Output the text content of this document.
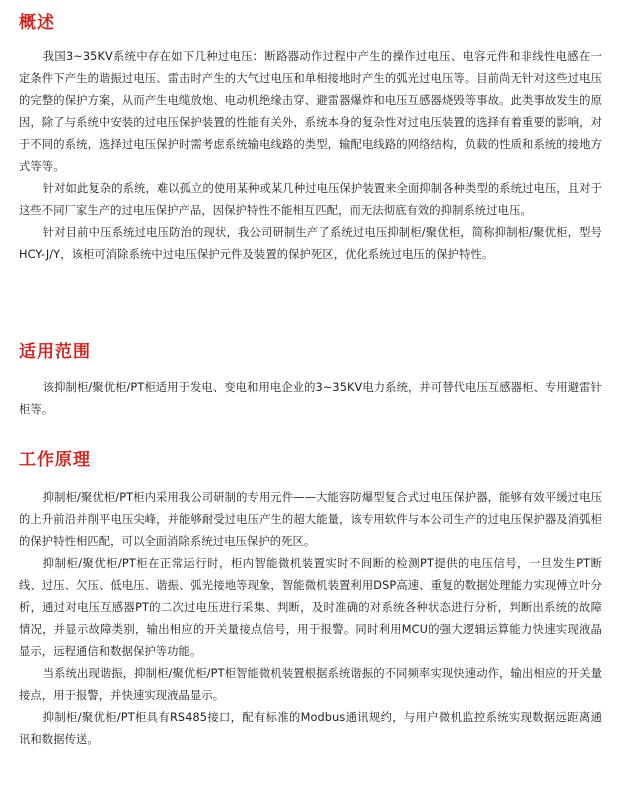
概述

我国3~35KV系统中存在如下几种过电压：断路器动作过程中产生的操作过电压、电容元件和非线性电感在一定条件下产生的谐振过电压、雷击时产生的大气过电压和单相接地时产生的弧光过电压等。目前尚无针对这些过电压的完整的保护方案，从而产生电缆放炮、电动机绝缘击穿、避雷器爆炸和电压互感器烧毁等事故。此类事故发生的原因，除了与系统中安装的过电压保护装置的性能有关外，系统本身的复杂性对过电压装置的选择有着重要的影响，对于不同的系统，选择过电压保护时需考虑系统输电线路的类型，输配电线路的网络结构，负载的性质和系统的接地方式等等。

针对如此复杂的系统，难以孤立的使用某种或某几种过电压保护装置来全面抑制各种类型的系统过电压，且对于这些不同厂家生产的过电压保护产品，因保护特性不能相互匹配，而无法彻底有效的抑制系统过电压。

针对目前中压系统过电压防治的现状，我公司研制生产了系统过电压抑制柜/聚优柜，简称抑制柜/聚优柜，型号HCY-J/Y，该柜可消除系统中过电压保护元件及装置的保护死区，优化系统过电压的保护特性。

适用范围

该抑制柜/聚优柜/PT柜适用于发电、变电和用电企业的3~35KV电力系统，并可替代电压互感器柜、专用避雷针柜等。

工作原理

抑制柜/聚优柜/PT柜内采用我公司研制的专用元件——大能容防爆型复合式过电压保护器，能够有效平缓过电压的上升前沿并削平电压尖峰，并能够耐受过电压产生的超大能量，该专用软件与本公司生产的过电压保护器及消弧柜的保护特性相匹配，可以全面消除系统过电压保护的死区。

抑制柜/聚优柜/PT柜在正常运行时，柜内智能微机装置实时不间断的检测PT提供的电压信号，一旦发生PT断线、过压、欠压、低电压、谐振、弧光接地等现象，智能微机装置利用DSP高速、重复的数据处理能力实现傅立叶分析，通过对电压互感器PT的二次过电压进行采集、判断，及时准确的对系统各种状态进行分析，判断出系统的故障情况，并显示故障类别，输出相应的开关量接点信号，用于报警。同时利用MCU的强大逻辑运算能力快速实现液晶显示，远程通信和数据保护等功能。

当系统出现谐振，抑制柜/聚优柜/PT柜智能微机装置根据系统谐振的不同频率实现快速动作，输出相应的开关量接点，用于报警，并快速实现液晶显示。

抑制柜/聚优柜/PT柜具有RS485接口，配有标准的Modbus通讯规约，与用户微机监控系统实现数据远距离通讯和数据传送。
